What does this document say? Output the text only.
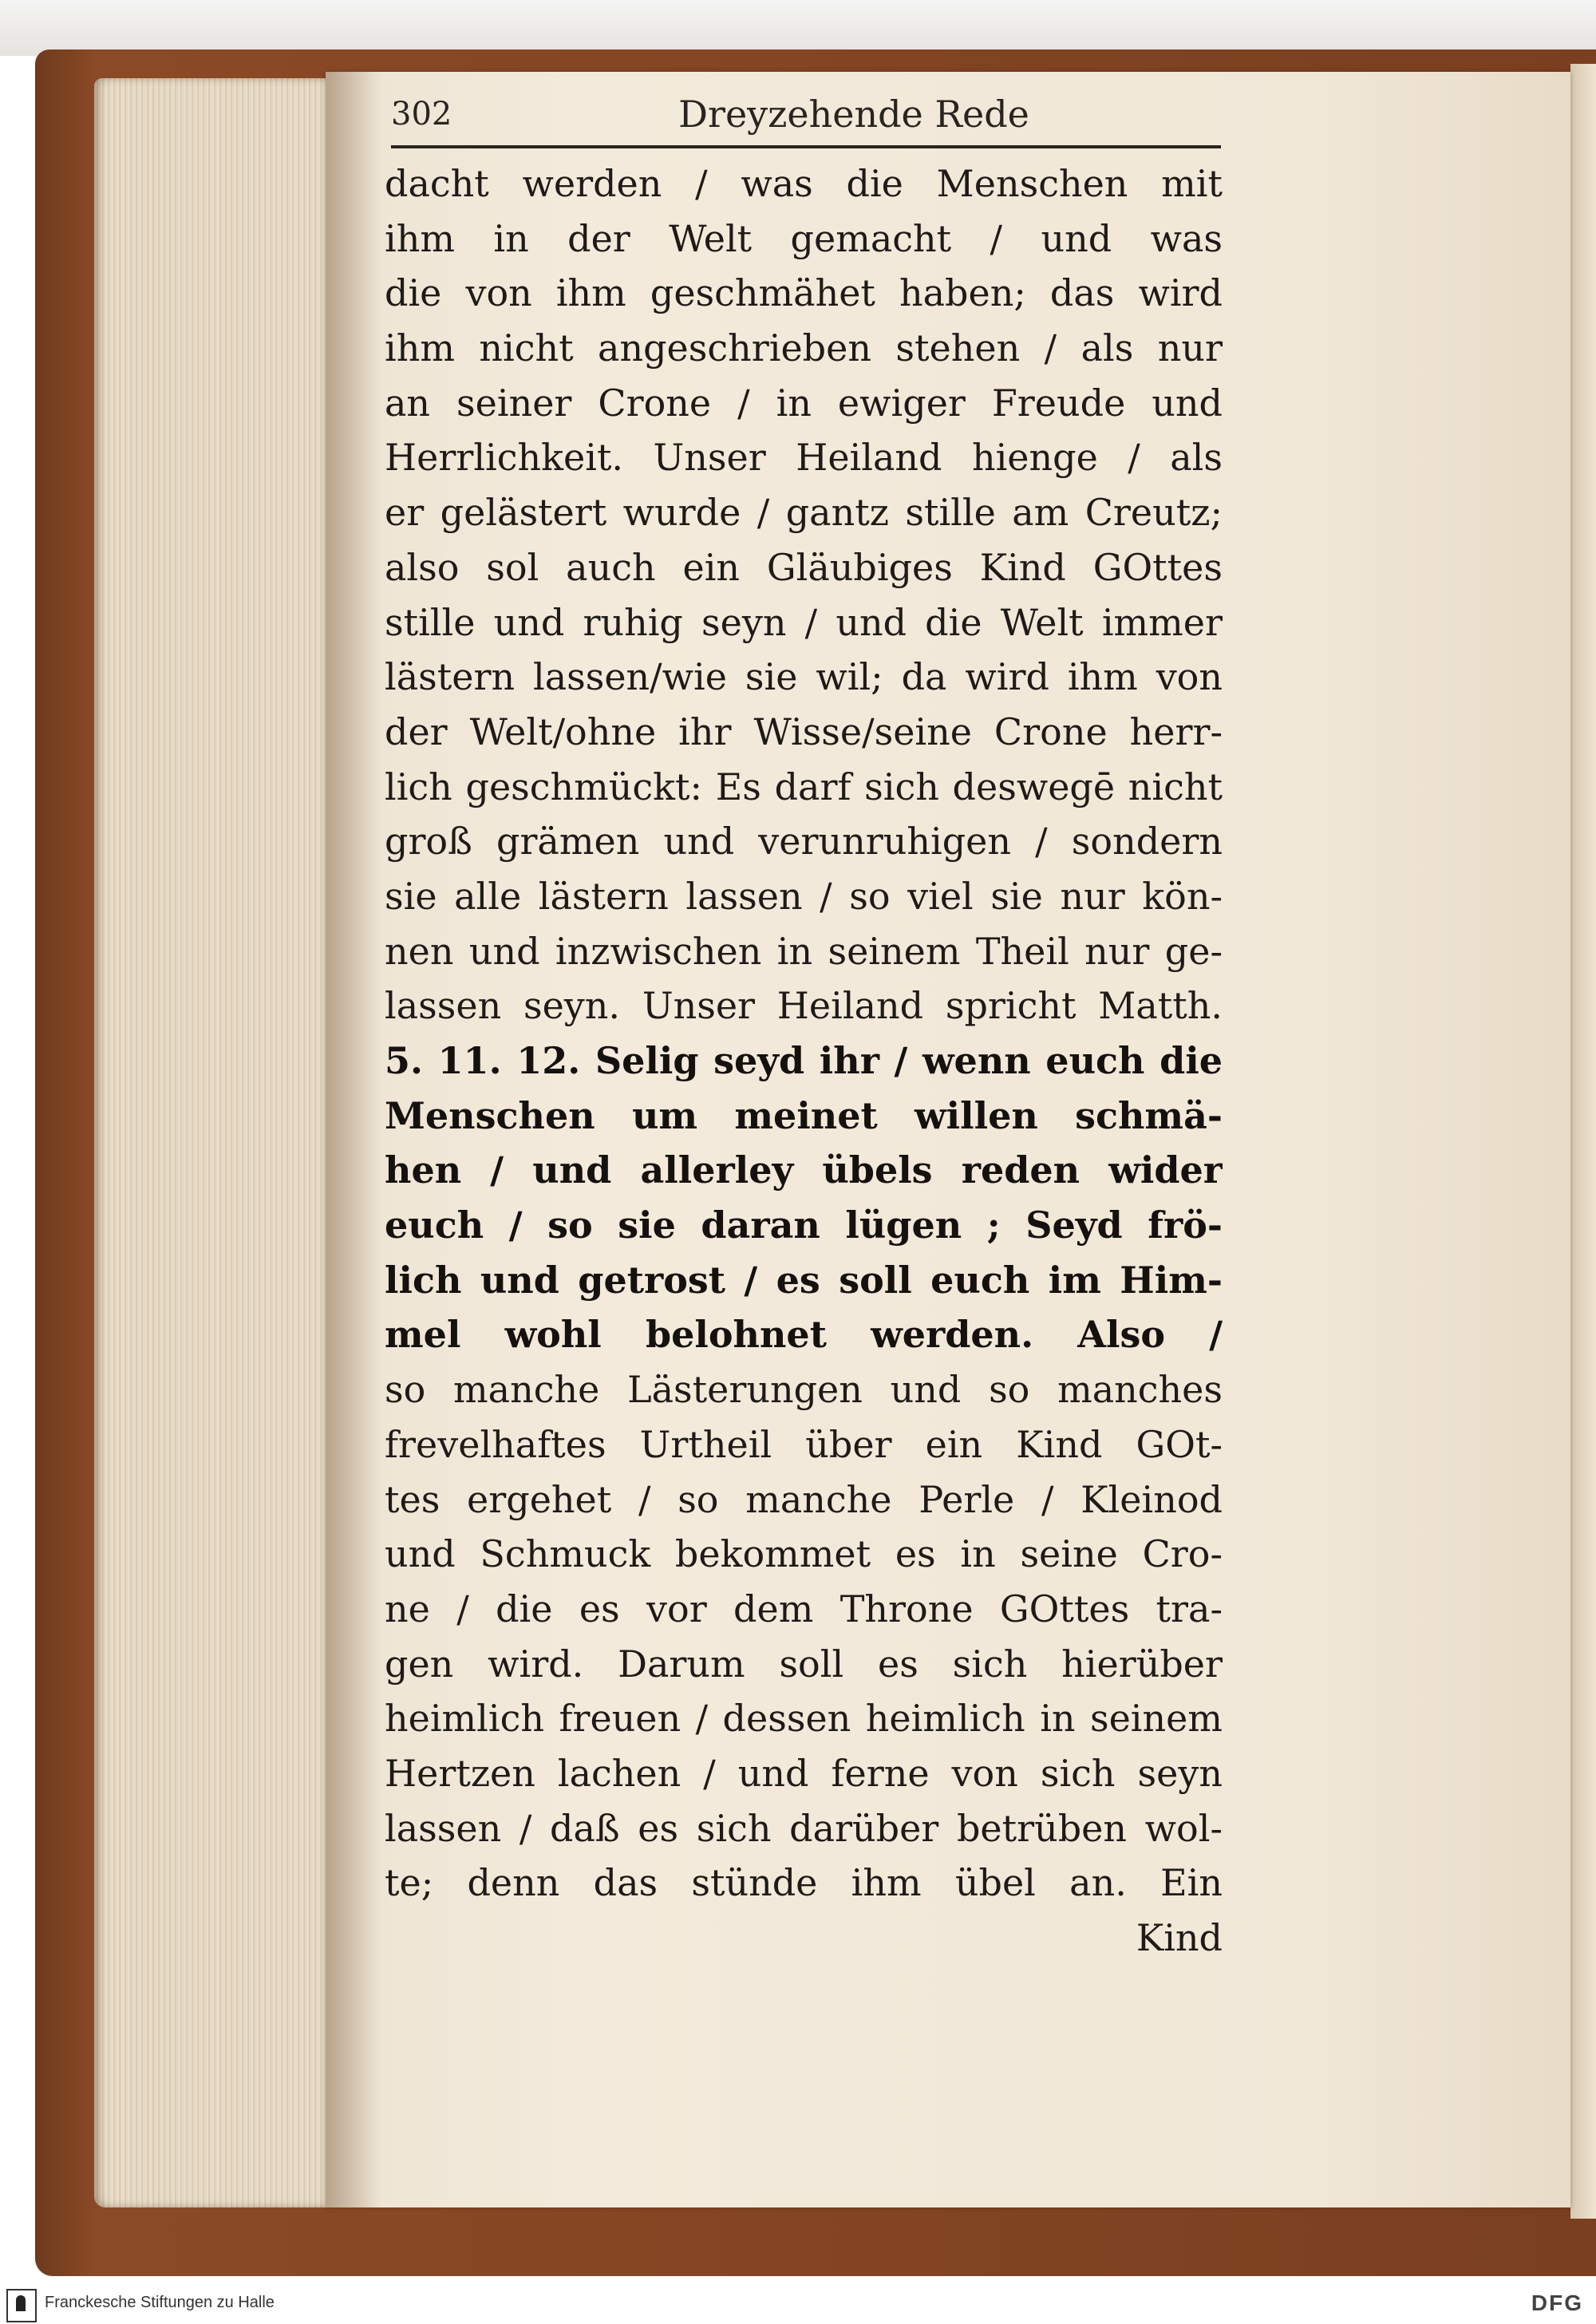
302	Dreyzehende Rede
dacht werden / was die Menschen mit
ihm in der Welt gemacht / und was
die von ihm geschmähet haben; das wird
ihm nicht angeschrieben stehen / als nur
an seiner Crone / in ewiger Freude und
Herrlichkeit. Unser Heiland hienge / als
er gelästert wurde / gantz stille am Creutz;
also sol auch ein Gläubiges Kind GOttes
stille und ruhig seyn / und die Welt immer
lästern lassen/wie sie wil; da wird ihm von
der Welt/ohne ihr Wisse/seine Crone herr-
lich geschmückt: Es darf sich deswegē nicht
groß grämen und verunruhigen / sondern
sie alle lästern lassen / so viel sie nur kön-
nen und inzwischen in seinem Theil nur ge-
lassen seyn. Unser Heiland spricht Matth.
5. 11. 12. Selig seyd ihr / wenn euch die
Menschen um meinet willen schmä-
hen / und allerley übels reden wider
euch / so sie daran lügen ; Seyd frö-
lich und getrost / es soll euch im Him-
mel wohl belohnet werden. Also /
so manche Lästerungen und so manches
frevelhaftes Urtheil über ein Kind GOt-
tes ergehet / so manche Perle / Kleinod
und Schmuck bekommet es in seine Cro-
ne / die es vor dem Throne GOttes tra-
gen wird. Darum soll es sich hierüber
heimlich freuen / dessen heimlich in seinem
Hertzen lachen / und ferne von sich seyn
lassen / daß es sich darüber betrüben wol-
te; denn das stünde ihm übel an. Ein
Kind
Franckesche Stiftungen zu Halle	DFG
